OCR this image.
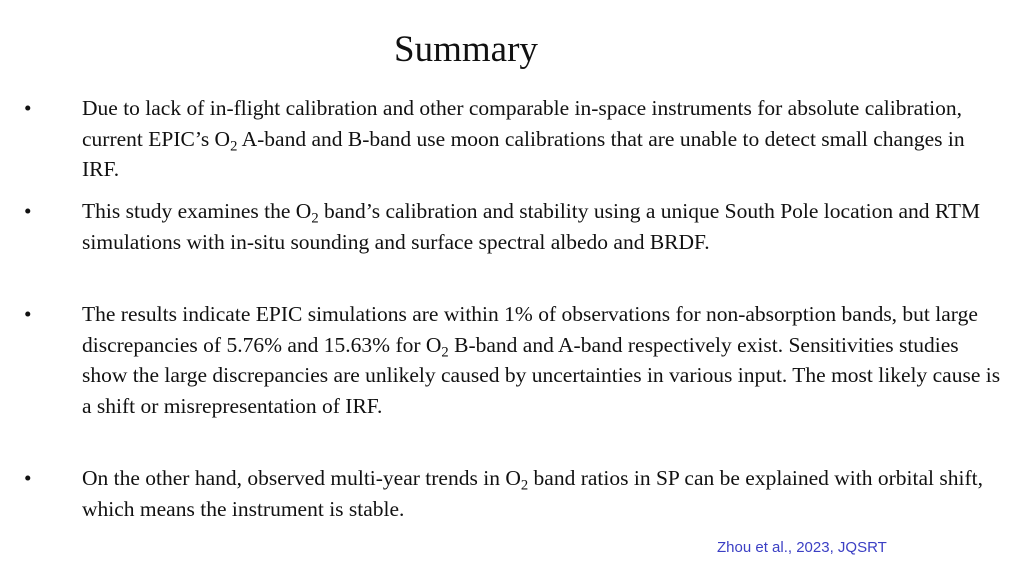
Summary
• Due to lack of in-flight calibration and other comparable in-space instruments for absolute calibration, current EPIC’s $O_2$ A-band and B-band use moon calibrations that are unable to detect small changes in IRF.
• This study examines the $O_2$ band’s calibration and stability using a unique South Pole location and RTM simulations with in-situ sounding and surface spectral albedo and BRDF.
• The results indicate EPIC simulations are within 1% of observations for non-absorption bands, but large discrepancies of 5.76% and 15.63% for $O_2$ B-band and A-band respectively exist. Sensitivities studies show the large discrepancies are unlikely caused by uncertainties in various input. The most likely cause is a shift or misrepresentation of IRF.
• On the other hand, observed multi-year trends in $O_2$ band ratios in SP can be explained with orbital shift, which means the instrument is stable.
Zhou et al., 2023, JQSRT
